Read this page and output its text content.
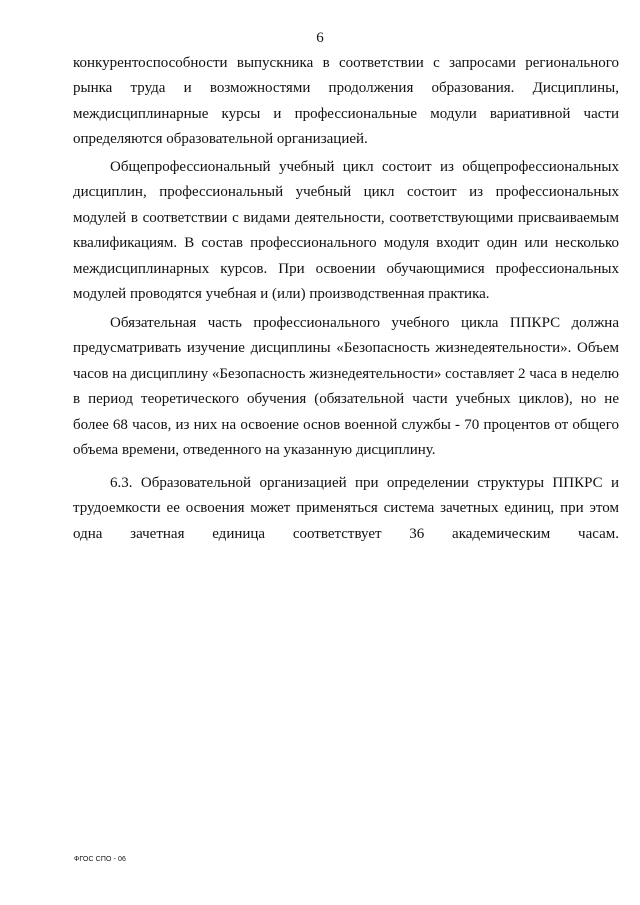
6
конкурентоспособности выпускника в соответствии с запросами регионального
рынка труда и возможностями продолжения образования. Дисциплины,
междисциплинарные курсы и профессиональные модули вариативной части
определяются образовательной организацией.
Общепрофессиональный учебный цикл состоит из общепрофессиональных
дисциплин, профессиональный учебный цикл состоит из профессиональных
модулей в соответствии с видами деятельности, соответствующими присваиваемым
квалификациям. В состав профессионального модуля входит один или несколько
междисциплинарных курсов. При освоении обучающимися профессиональных
модулей проводятся учебная и (или) производственная практика.
Обязательная часть профессионального учебного цикла ППКРС должна
предусматривать изучение дисциплины «Безопасность жизнедеятельности». Объем
часов на дисциплину «Безопасность жизнедеятельности» составляет 2 часа в неделю
в период теоретического обучения (обязательной части учебных циклов), но не
более 68 часов, из них на освоение основ военной службы - 70 процентов от общего
объема времени, отведенного на указанную дисциплину.
6.3. Образовательной организацией при определении структуры ППКРС и
трудоемкости ее освоения может применяться система зачетных единиц, при этом
одна зачетная единица соответствует 36 академическим часам.
ФГОС СПО - 06
